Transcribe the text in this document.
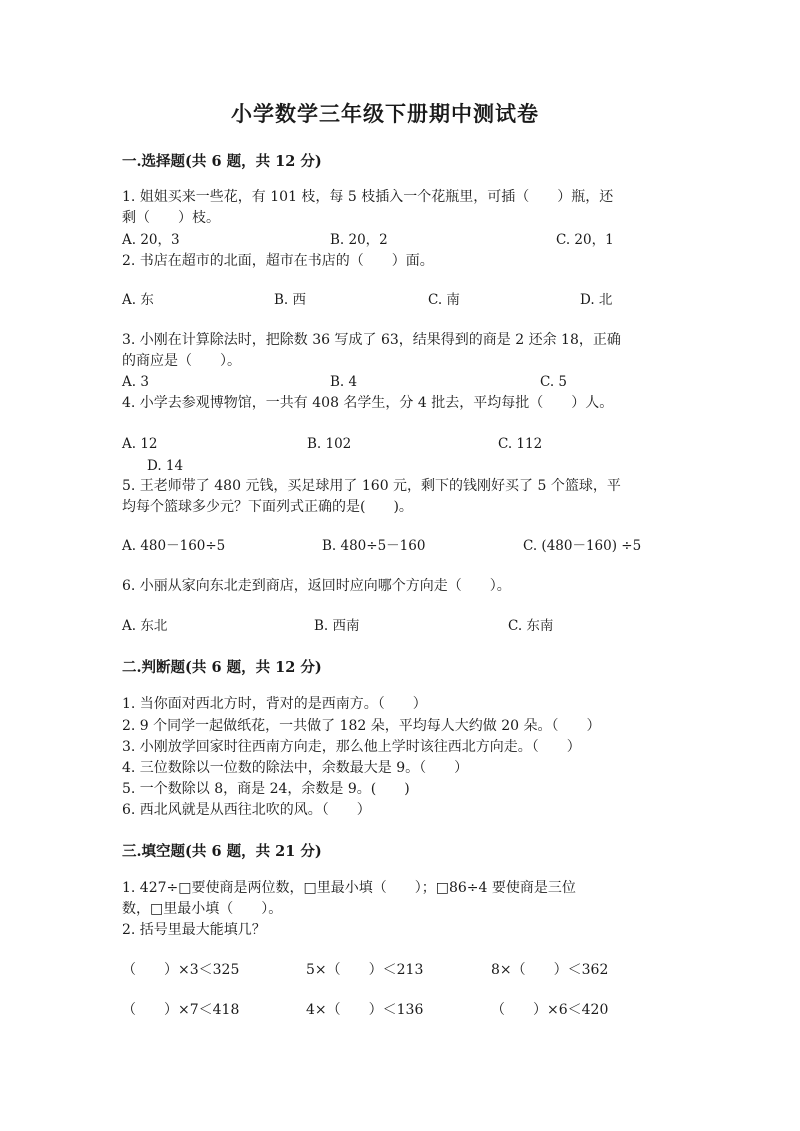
小学数学三年级下册期中测试卷
一.选择题(共 6 题，共 12 分)
1. 姐姐买来一些花，有 101 枝，每 5 枝插入一个花瓶里，可插（　　）瓶，还
剩（　　）枝。
A. 20，3	B. 20，2	C. 20，1
2. 书店在超市的北面，超市在书店的（　　）面。
A. 东	B. 西	C. 南	D. 北
3. 小刚在计算除法时，把除数 36 写成了 63，结果得到的商是 2 还余 18，正确
的商应是（　　）。
A. 3	B. 4	C. 5
4. 小学去参观博物馆，一共有 408 名学生，分 4 批去，平均每批（　　）人。
A. 12	B. 102	C. 112
D. 14
5. 王老师带了 480 元钱，买足球用了 160 元，剩下的钱刚好买了 5 个篮球，平
均每个篮球多少元？下面列式正确的是(　　)。
A. 480－160÷5	B. 480÷5－160	C. (480－160) ÷5
6. 小丽从家向东北走到商店，返回时应向哪个方向走（　　）。
A. 东北	B. 西南	C. 东南
二.判断题(共 6 题，共 12 分)
1. 当你面对西北方时，背对的是西南方。（　　）
2. 9 个同学一起做纸花，一共做了 182 朵，平均每人大约做 20 朵。（　　）
3. 小刚放学回家时往西南方向走，那么他上学时该往西北方向走。（　　）
4. 三位数除以一位数的除法中，余数最大是 9。（　　）
5. 一个数除以 8，商是 24，余数是 9。(　　)
6. 西北风就是从西往北吹的风。（　　）
三.填空题(共 6 题，共 21 分)
1. 427÷□要使商是两位数，□里最小填（　　）；□86÷4 要使商是三位
数，□里最小填（　　）。
2. 括号里最大能填几？
（　　）×3＜325	5×（　　）＜213	8×（　　）＜362
（　　）×7＜418	4×（　　）＜136	（　　）×6＜420
